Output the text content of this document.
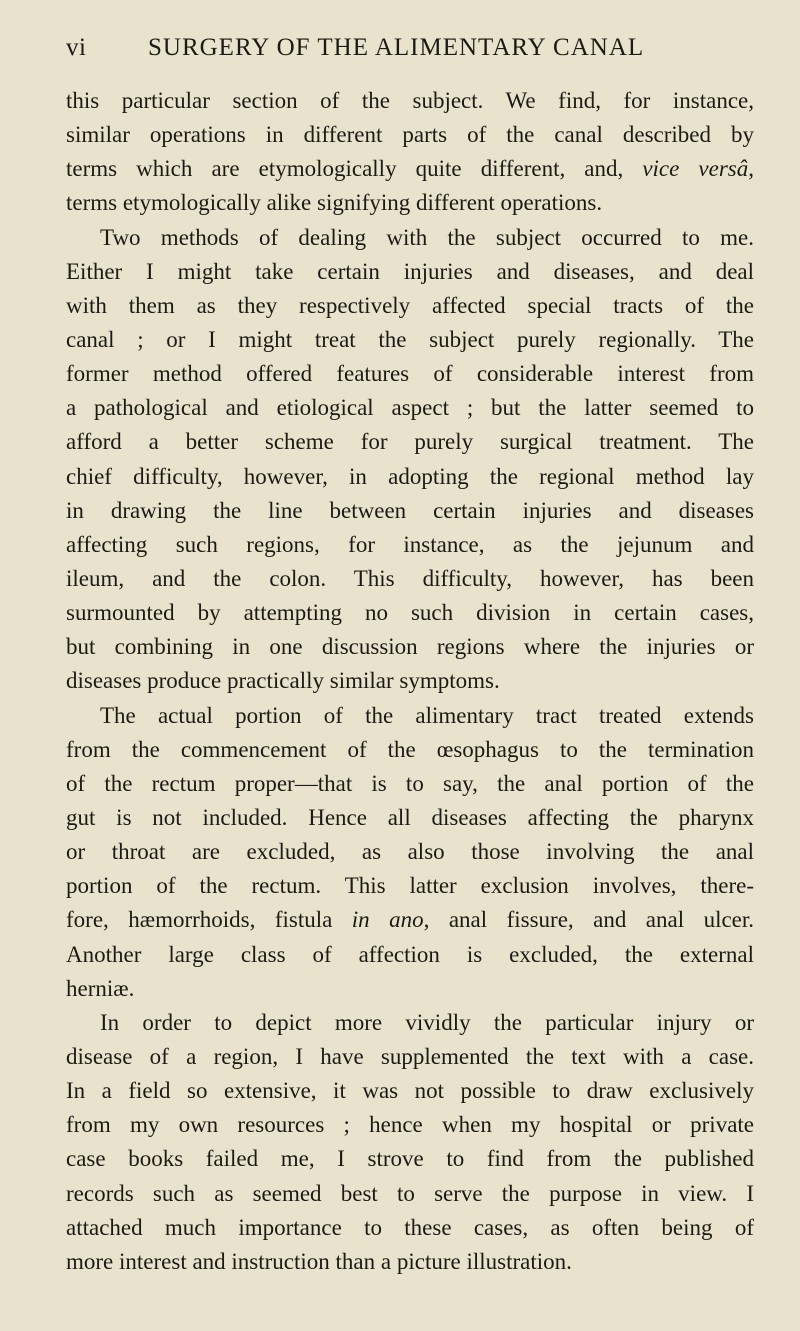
vi SURGERY OF THE ALIMENTARY CANAL
this particular section of the subject. We find, for instance,
similar operations in different parts of the canal described by
terms which are etymologically quite different, and, vice versâ,
terms etymologically alike signifying different operations.
Two methods of dealing with the subject occurred to me.
Either I might take certain injuries and diseases, and deal
with them as they respectively affected special tracts of the
canal ; or I might treat the subject purely regionally. The
former method offered features of considerable interest from
a pathological and etiological aspect ; but the latter seemed to
afford a better scheme for purely surgical treatment. The
chief difficulty, however, in adopting the regional method lay
in drawing the line between certain injuries and diseases
affecting such regions, for instance, as the jejunum and
ileum, and the colon. This difficulty, however, has been
surmounted by attempting no such division in certain cases,
but combining in one discussion regions where the injuries or
diseases produce practically similar symptoms.
The actual portion of the alimentary tract treated extends
from the commencement of the œsophagus to the termination
of the rectum proper—that is to say, the anal portion of the
gut is not included. Hence all diseases affecting the pharynx
or throat are excluded, as also those involving the anal
portion of the rectum. This latter exclusion involves, there-
fore, hæmorrhoids, fistula in ano, anal fissure, and anal ulcer.
Another large class of affection is excluded, the external
herniæ.
In order to depict more vividly the particular injury or
disease of a region, I have supplemented the text with a case.
In a field so extensive, it was not possible to draw exclusively
from my own resources ; hence when my hospital or private
case books failed me, I strove to find from the published
records such as seemed best to serve the purpose in view. I
attached much importance to these cases, as often being of
more interest and instruction than a picture illustration.
